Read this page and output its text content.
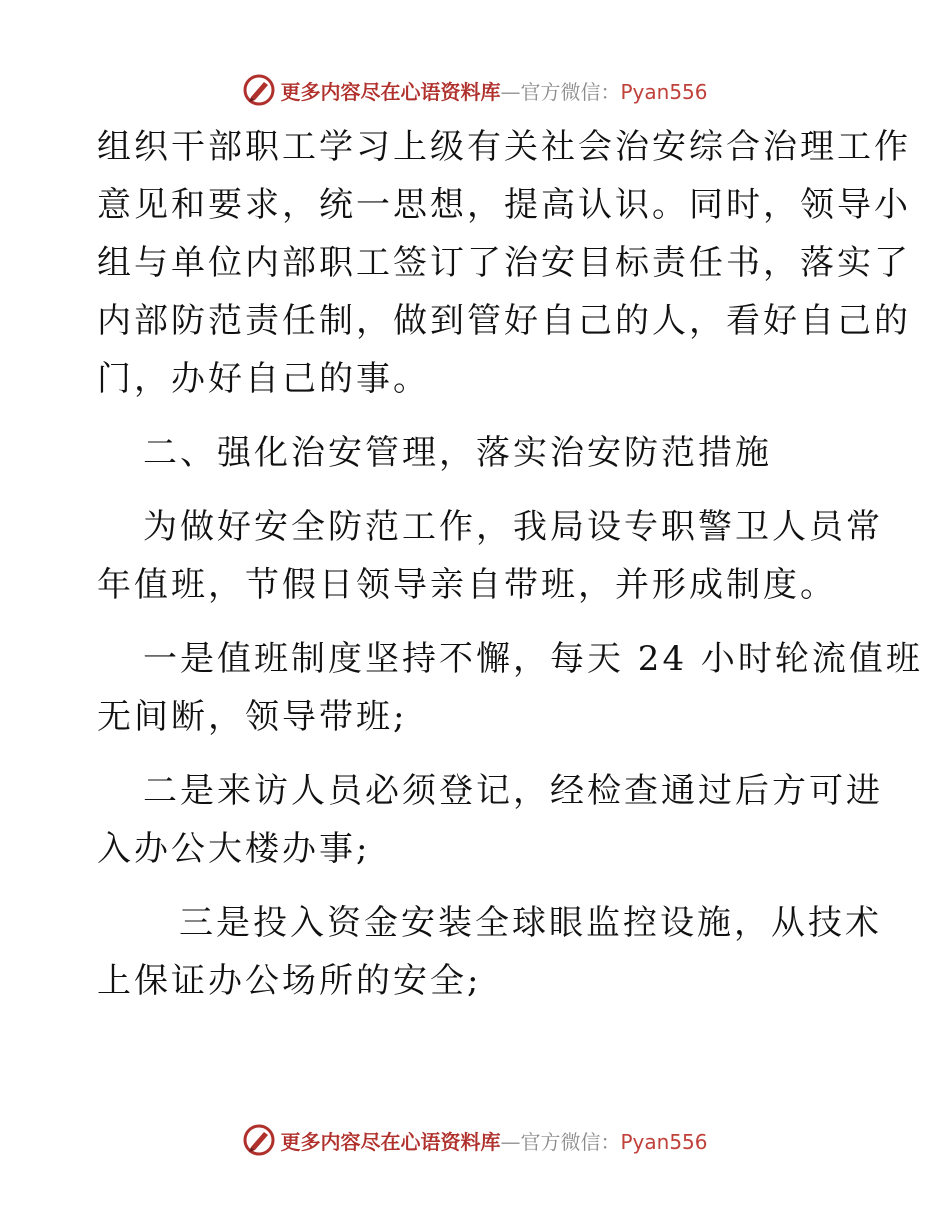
更多内容尽在心语资料库—官方微信：Pyan556

组织干部职工学习上级有关社会治安综合治理工作
意见和要求，统一思想，提高认识。同时，领导小
组与单位内部职工签订了治安目标责任书，落实了
内部防范责任制，做到管好自己的人，看好自己的
门，办好自己的事。

二、强化治安管理，落实治安防范措施

为做好安全防范工作，我局设专职警卫人员常
年值班，节假日领导亲自带班，并形成制度。

一是值班制度坚持不懈，每天 24 小时轮流值班
无间断，领导带班;

二是来访人员必须登记，经检查通过后方可进
入办公大楼办事;

三是投入资金安装全球眼监控设施，从技术
上保证办公场所的安全;

更多内容尽在心语资料库—官方微信：Pyan556
